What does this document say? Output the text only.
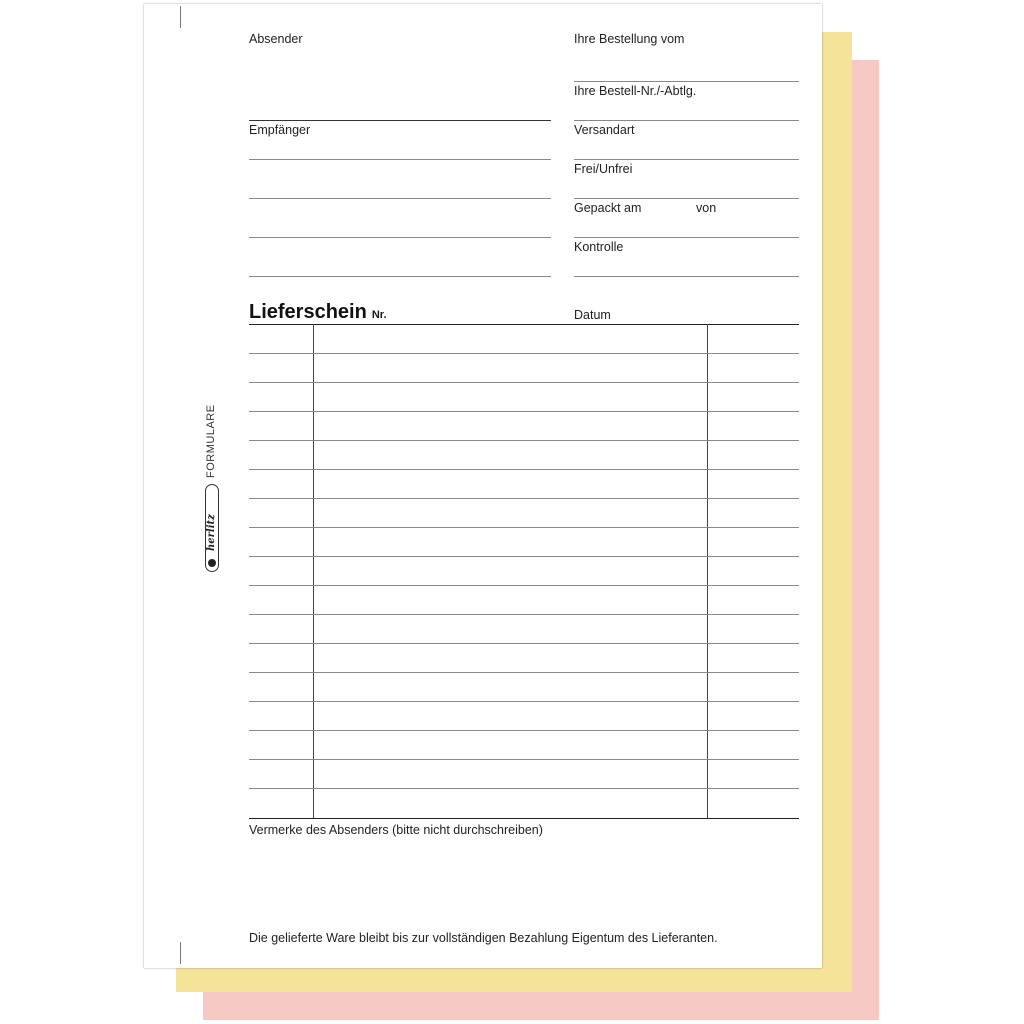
Absender
Empfänger
Ihre Bestellung vom
Ihre Bestell-Nr./-Abtlg.
Versandart
Frei/Unfrei
Gepackt am	von
Kontrolle
Lieferschein Nr.	Datum
Vermerke des Absenders (bitte nicht durchschreiben)
Die gelieferte Ware bleibt bis zur vollständigen Bezahlung Eigentum des Lieferanten.
FORMULARE
herlitz
